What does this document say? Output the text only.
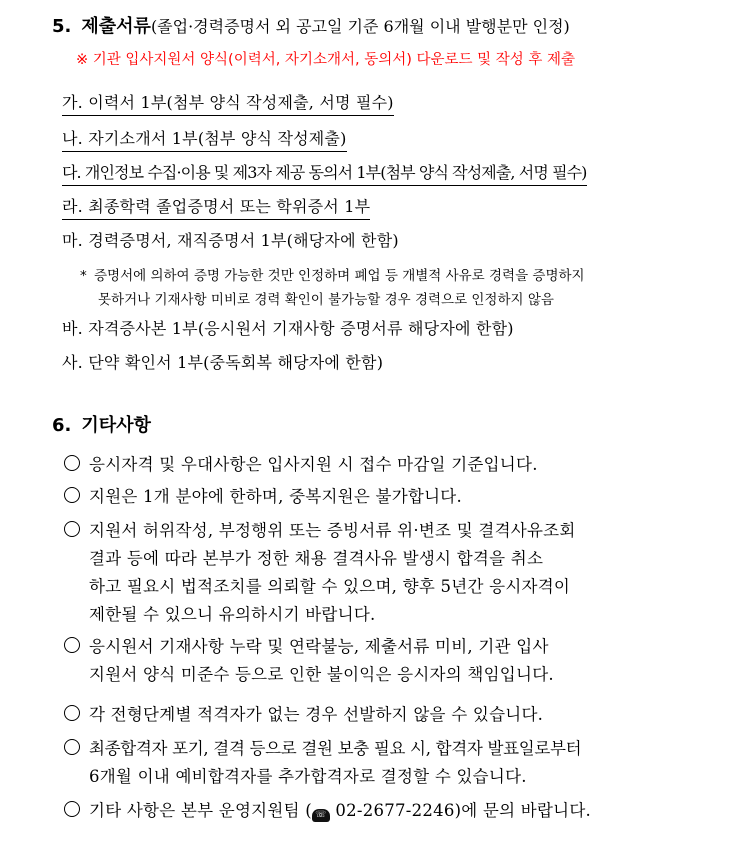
5. 제출서류(졸업·경력증명서 외 공고일 기준 6개월 이내 발행분만 인정)
※ 기관 입사지원서 양식(이력서, 자기소개서, 동의서) 다운로드 및 작성 후 제출
가. 이력서 1부(첨부 양식 작성제출, 서명 필수)
나. 자기소개서 1부(첨부 양식 작성제출)
다. 개인정보 수집·이용 및 제3자 제공 동의서 1부(첨부 양식 작성제출, 서명 필수)
라. 최종학력 졸업증명서 또는 학위증서 1부
마. 경력증명서, 재직증명서 1부(해당자에 한함)
* 증명서에 의하여 증명 가능한 것만 인정하며 폐업 등 개별적 사유로 경력을 증명하지
못하거나 기재사항 미비로 경력 확인이 불가능할 경우 경력으로 인정하지 않음
바. 자격증사본 1부(응시원서 기재사항 증명서류 해당자에 한함)
사. 단약 확인서 1부(중독회복 해당자에 한함)
6. 기타사항
응시자격 및 우대사항은 입사지원 시 접수 마감일 기준입니다.
지원은 1개 분야에 한하며, 중복지원은 불가합니다.
지원서 허위작성, 부정행위 또는 증빙서류 위·변조 및 결격사유조회
결과 등에 따라 본부가 정한 채용 결격사유 발생시 합격을 취소
하고 필요시 법적조치를 의뢰할 수 있으며, 향후 5년간 응시자격이
제한될 수 있으니 유의하시기 바랍니다.
응시원서 기재사항 누락 및 연락불능, 제출서류 미비, 기관 입사
지원서 양식 미준수 등으로 인한 불이익은 응시자의 책임입니다.
각 전형단계별 적격자가 없는 경우 선발하지 않을 수 있습니다.
최종합격자 포기, 결격 등으로 결원 보충 필요 시, 합격자 발표일로부터
6개월 이내 예비합격자를 추가합격자로 결정할 수 있습니다.
기타 사항은 본부 운영지원팀 ( ☏ 02-2677-2246)에 문의 바랍니다.
